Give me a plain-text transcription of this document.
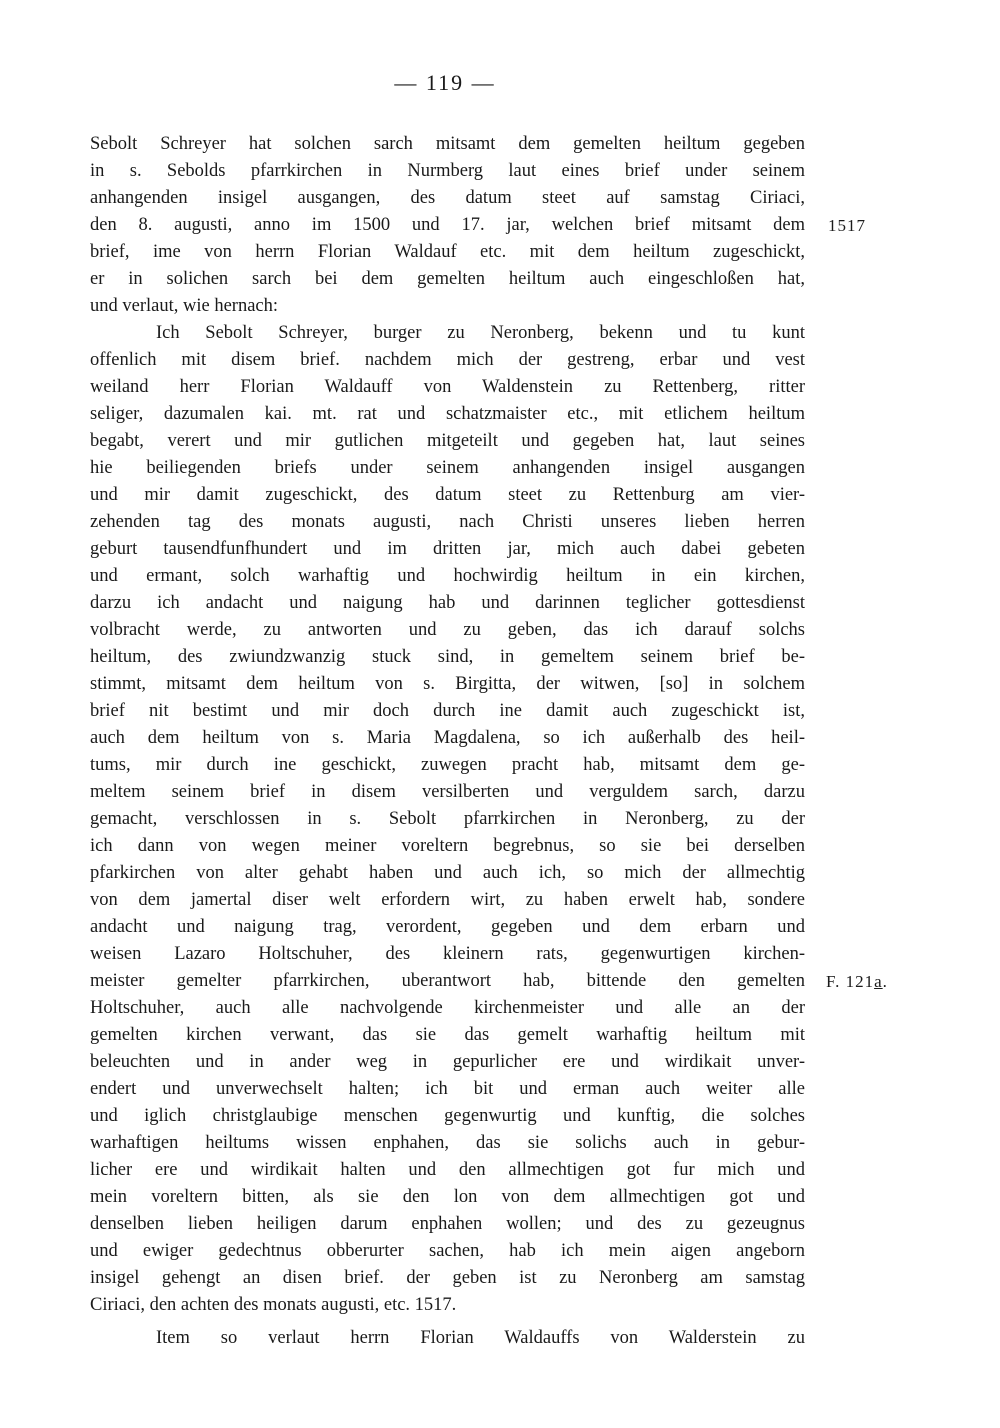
— 119 —
Sebolt Schreyer hat solchen sarch mitsamt dem gemelten heiltum gegeben
in s. Sebolds pfarrkirchen in Nurmberg laut eines brief under seinem
anhangenden insigel ausgangen, des datum steet auf samstag Ciriaci,
den 8. augusti, anno im 1500 und 17. jar, welchen brief mitsamt dem
brief, ime von herrn Florian Waldauf etc. mit dem heiltum zugeschickt,
er in solichen sarch bei dem gemelten heiltum auch eingeschloßen hat,
und verlaut, wie hernach:
Ich Sebolt Schreyer, burger zu Neronberg, bekenn und tu kunt
offenlich mit disem brief. nachdem mich der gestreng, erbar und vest
weiland herr Florian Waldauff von Waldenstein zu Rettenberg, ritter
seliger, dazumalen kai. mt. rat und schatzmaister etc., mit etlichem heiltum
begabt, verert und mir gutlichen mitgeteilt und gegeben hat, laut seines
hie beiliegenden briefs under seinem anhangenden insigel ausgangen
und mir damit zugeschickt, des datum steet zu Rettenburg am vier-
zehenden tag des monats augusti, nach Christi unseres lieben herren
geburt tausendfunfhundert und im dritten jar, mich auch dabei gebeten
und ermant, solch warhaftig und hochwirdig heiltum in ein kirchen,
darzu ich andacht und naigung hab und darinnen teglicher gottesdienst
volbracht werde, zu antworten und zu geben, das ich darauf solchs
heiltum, des zwiundzwanzig stuck sind, in gemeltem seinem brief be-
stimmt, mitsamt dem heiltum von s. Birgitta, der witwen, [so] in solchem
brief nit bestimt und mir doch durch ine damit auch zugeschickt ist,
auch dem heiltum von s. Maria Magdalena, so ich außerhalb des heil-
tums, mir durch ine geschickt, zuwegen pracht hab, mitsamt dem ge-
meltem seinem brief in disem versilberten und verguldem sarch, darzu
gemacht, verschlossen in s. Sebolt pfarrkirchen in Neronberg, zu der
ich dann von wegen meiner voreltern begrebnus, so sie bei derselben
pfarkirchen von alter gehabt haben und auch ich, so mich der allmechtig
von dem jamertal diser welt erfordern wirt, zu haben erwelt hab, sondere
andacht und naigung trag, verordent, gegeben und dem erbarn und
weisen Lazaro Holtschuher, des kleinern rats, gegenwurtigen kirchen-
meister gemelter pfarrkirchen, uberantwort hab, bittende den gemelten
Holtschuher, auch alle nachvolgende kirchenmeister und alle an der
gemelten kirchen verwant, das sie das gemelt warhaftig heiltum mit
beleuchten und in ander weg in gepurlicher ere und wirdikait unver-
endert und unverwechselt halten; ich bit und erman auch weiter alle
und iglich christglaubige menschen gegenwurtig und kunftig, die solches
warhaftigen heiltums wissen enphahen, das sie solichs auch in gebur-
licher ere und wirdikait halten und den allmechtigen got fur mich und
mein voreltern bitten, als sie den lon von dem allmechtigen got und
denselben lieben heiligen darum enphahen wollen; und des zu gezeugnus
und ewiger gedechtnus obberurter sachen, hab ich mein aigen angeborn
insigel gehengt an disen brief. der geben ist zu Neronberg am samstag
Ciriaci, den achten des monats augusti, etc. 1517.
Item so verlaut herrn Florian Waldauffs von Walderstein zu
1517
F. 121a.
